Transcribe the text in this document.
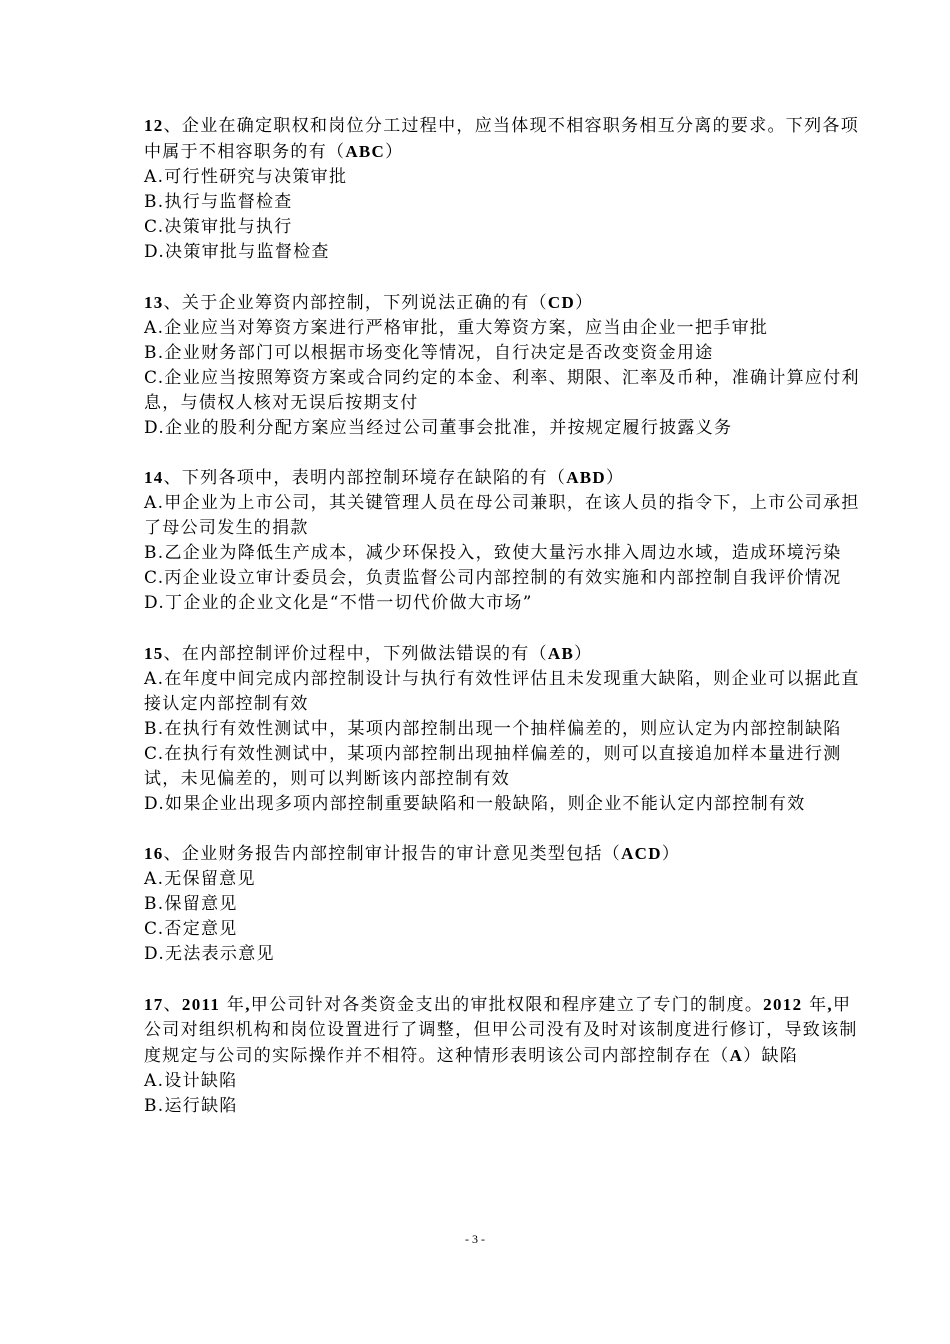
12、企业在确定职权和岗位分工过程中，应当体现不相容职务相互分离的要求。下列各项中属于不相容职务的有（ABC）
A.可行性研究与决策审批
B.执行与监督检查
C.决策审批与执行
D.决策审批与监督检查
13、关于企业筹资内部控制，下列说法正确的有（CD）
A.企业应当对筹资方案进行严格审批，重大筹资方案，应当由企业一把手审批
B.企业财务部门可以根据市场变化等情况，自行决定是否改变资金用途
C.企业应当按照筹资方案或合同约定的本金、利率、期限、汇率及币种，准确计算应付利息，与债权人核对无误后按期支付
D.企业的股利分配方案应当经过公司董事会批准，并按规定履行披露义务
14、下列各项中，表明内部控制环境存在缺陷的有（ABD）
A.甲企业为上市公司，其关键管理人员在母公司兼职，在该人员的指令下，上市公司承担了母公司发生的捐款
B.乙企业为降低生产成本，减少环保投入，致使大量污水排入周边水域，造成环境污染
C.丙企业设立审计委员会，负责监督公司内部控制的有效实施和内部控制自我评价情况
D.丁企业的企业文化是“不惜一切代价做大市场”
15、在内部控制评价过程中，下列做法错误的有（AB）
A.在年度中间完成内部控制设计与执行有效性评估且未发现重大缺陷，则企业可以据此直接认定内部控制有效
B.在执行有效性测试中，某项内部控制出现一个抽样偏差的，则应认定为内部控制缺陷
C.在执行有效性测试中，某项内部控制出现抽样偏差的，则可以直接追加样本量进行测试，未见偏差的，则可以判断该内部控制有效
D.如果企业出现多项内部控制重要缺陷和一般缺陷，则企业不能认定内部控制有效
16、企业财务报告内部控制审计报告的审计意见类型包括（ACD）
A.无保留意见
B.保留意见
C.否定意见
D.无法表示意见
17、2011 年,甲公司针对各类资金支出的审批权限和程序建立了专门的制度。2012 年,甲公司对组织机构和岗位设置进行了调整，但甲公司没有及时对该制度进行修订，导致该制度规定与公司的实际操作并不相符。这种情形表明该公司内部控制存在（A）缺陷
A.设计缺陷
B.运行缺陷
- 3 -
